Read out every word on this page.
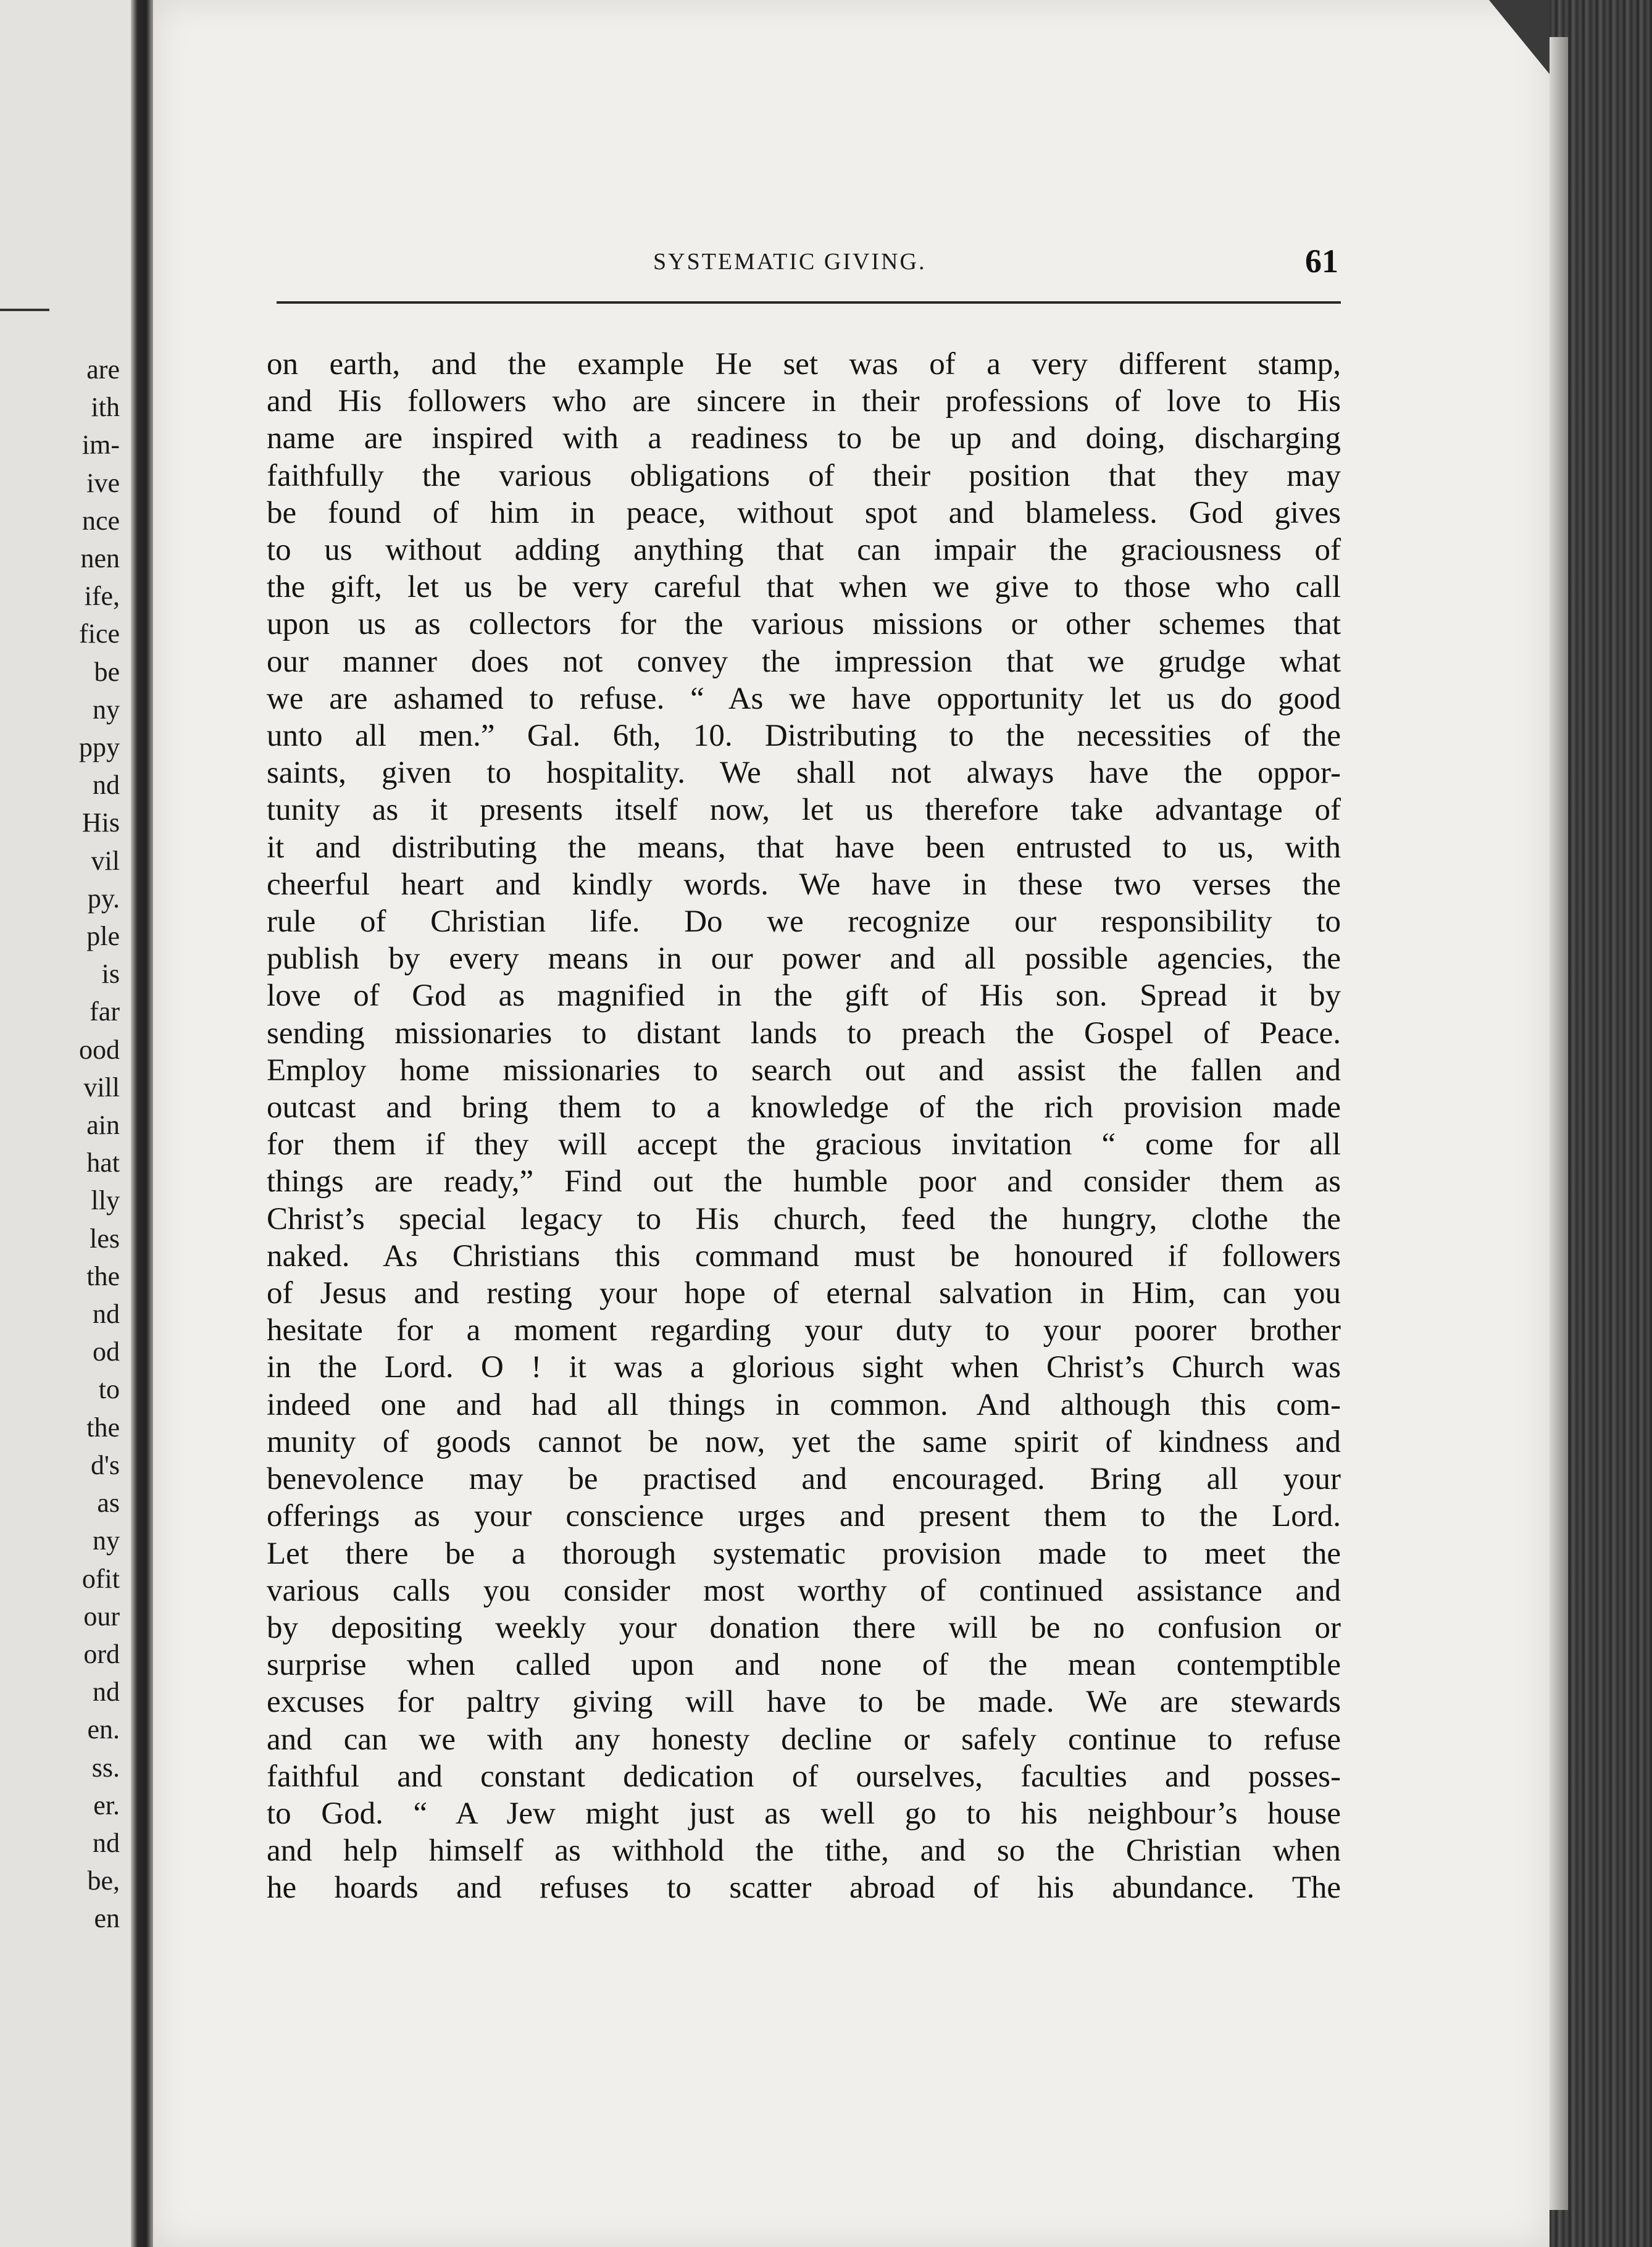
are
ith
im-
ive
nce
nen
ife,
fice
be
ny
ppy
nd
His
vil
py.
ple
is
far
ood
vill
ain
hat
lly
les
the
nd
od
to
the
d's
as
ny
ofit
our
ord
nd
en.
ss.
er.
nd
be,
en
SYSTEMATIC GIVING.	61
on earth, and the example He set was of a very different stamp,
and His followers who are sincere in their professions of love to His
name are inspired with a readiness to be up and doing, discharging
faithfully the various obligations of their position that they may
be found of him in peace, without spot and blameless. God gives
to us without adding anything that can impair the graciousness of
the gift, let us be very careful that when we give to those who call
upon us as collectors for the various missions or other schemes that
our manner does not convey the impression that we grudge what
we are ashamed to refuse. “ As we have opportunity let us do good
unto all men.” Gal. 6th, 10. Distributing to the necessities of the
saints, given to hospitality. We shall not always have the oppor-
tunity as it presents itself now, let us therefore take advantage of
it and distributing the means, that have been entrusted to us, with
cheerful heart and kindly words. We have in these two verses the
rule of Christian life. Do we recognize our responsibility to
publish by every means in our power and all possible agencies, the
love of God as magnified in the gift of His son. Spread it by
sending missionaries to distant lands to preach the Gospel of Peace.
Employ home missionaries to search out and assist the fallen and
outcast and bring them to a knowledge of the rich provision made
for them if they will accept the gracious invitation “ come for all
things are ready,” Find out the humble poor and consider them as
Christ’s special legacy to His church, feed the hungry, clothe the
naked. As Christians this command must be honoured if followers
of Jesus and resting your hope of eternal salvation in Him, can you
hesitate for a moment regarding your duty to your poorer brother
in the Lord. O ! it was a glorious sight when Christ’s Church was
indeed one and had all things in common. And although this com-
munity of goods cannot be now, yet the same spirit of kindness and
benevolence may be practised and encouraged. Bring all your
offerings as your conscience urges and present them to the Lord.
Let there be a thorough systematic provision made to meet the
various calls you consider most worthy of continued assistance and
by depositing weekly your donation there will be no confusion or
surprise when called upon and none of the mean contemptible
excuses for paltry giving will have to be made. We are stewards
and can we with any honesty decline or safely continue to refuse
faithful and constant dedication of ourselves, faculties and posses-
to God. “ A Jew might just as well go to his neighbour’s house
and help himself as withhold the tithe, and so the Christian when
he hoards and refuses to scatter abroad of his abundance. The
